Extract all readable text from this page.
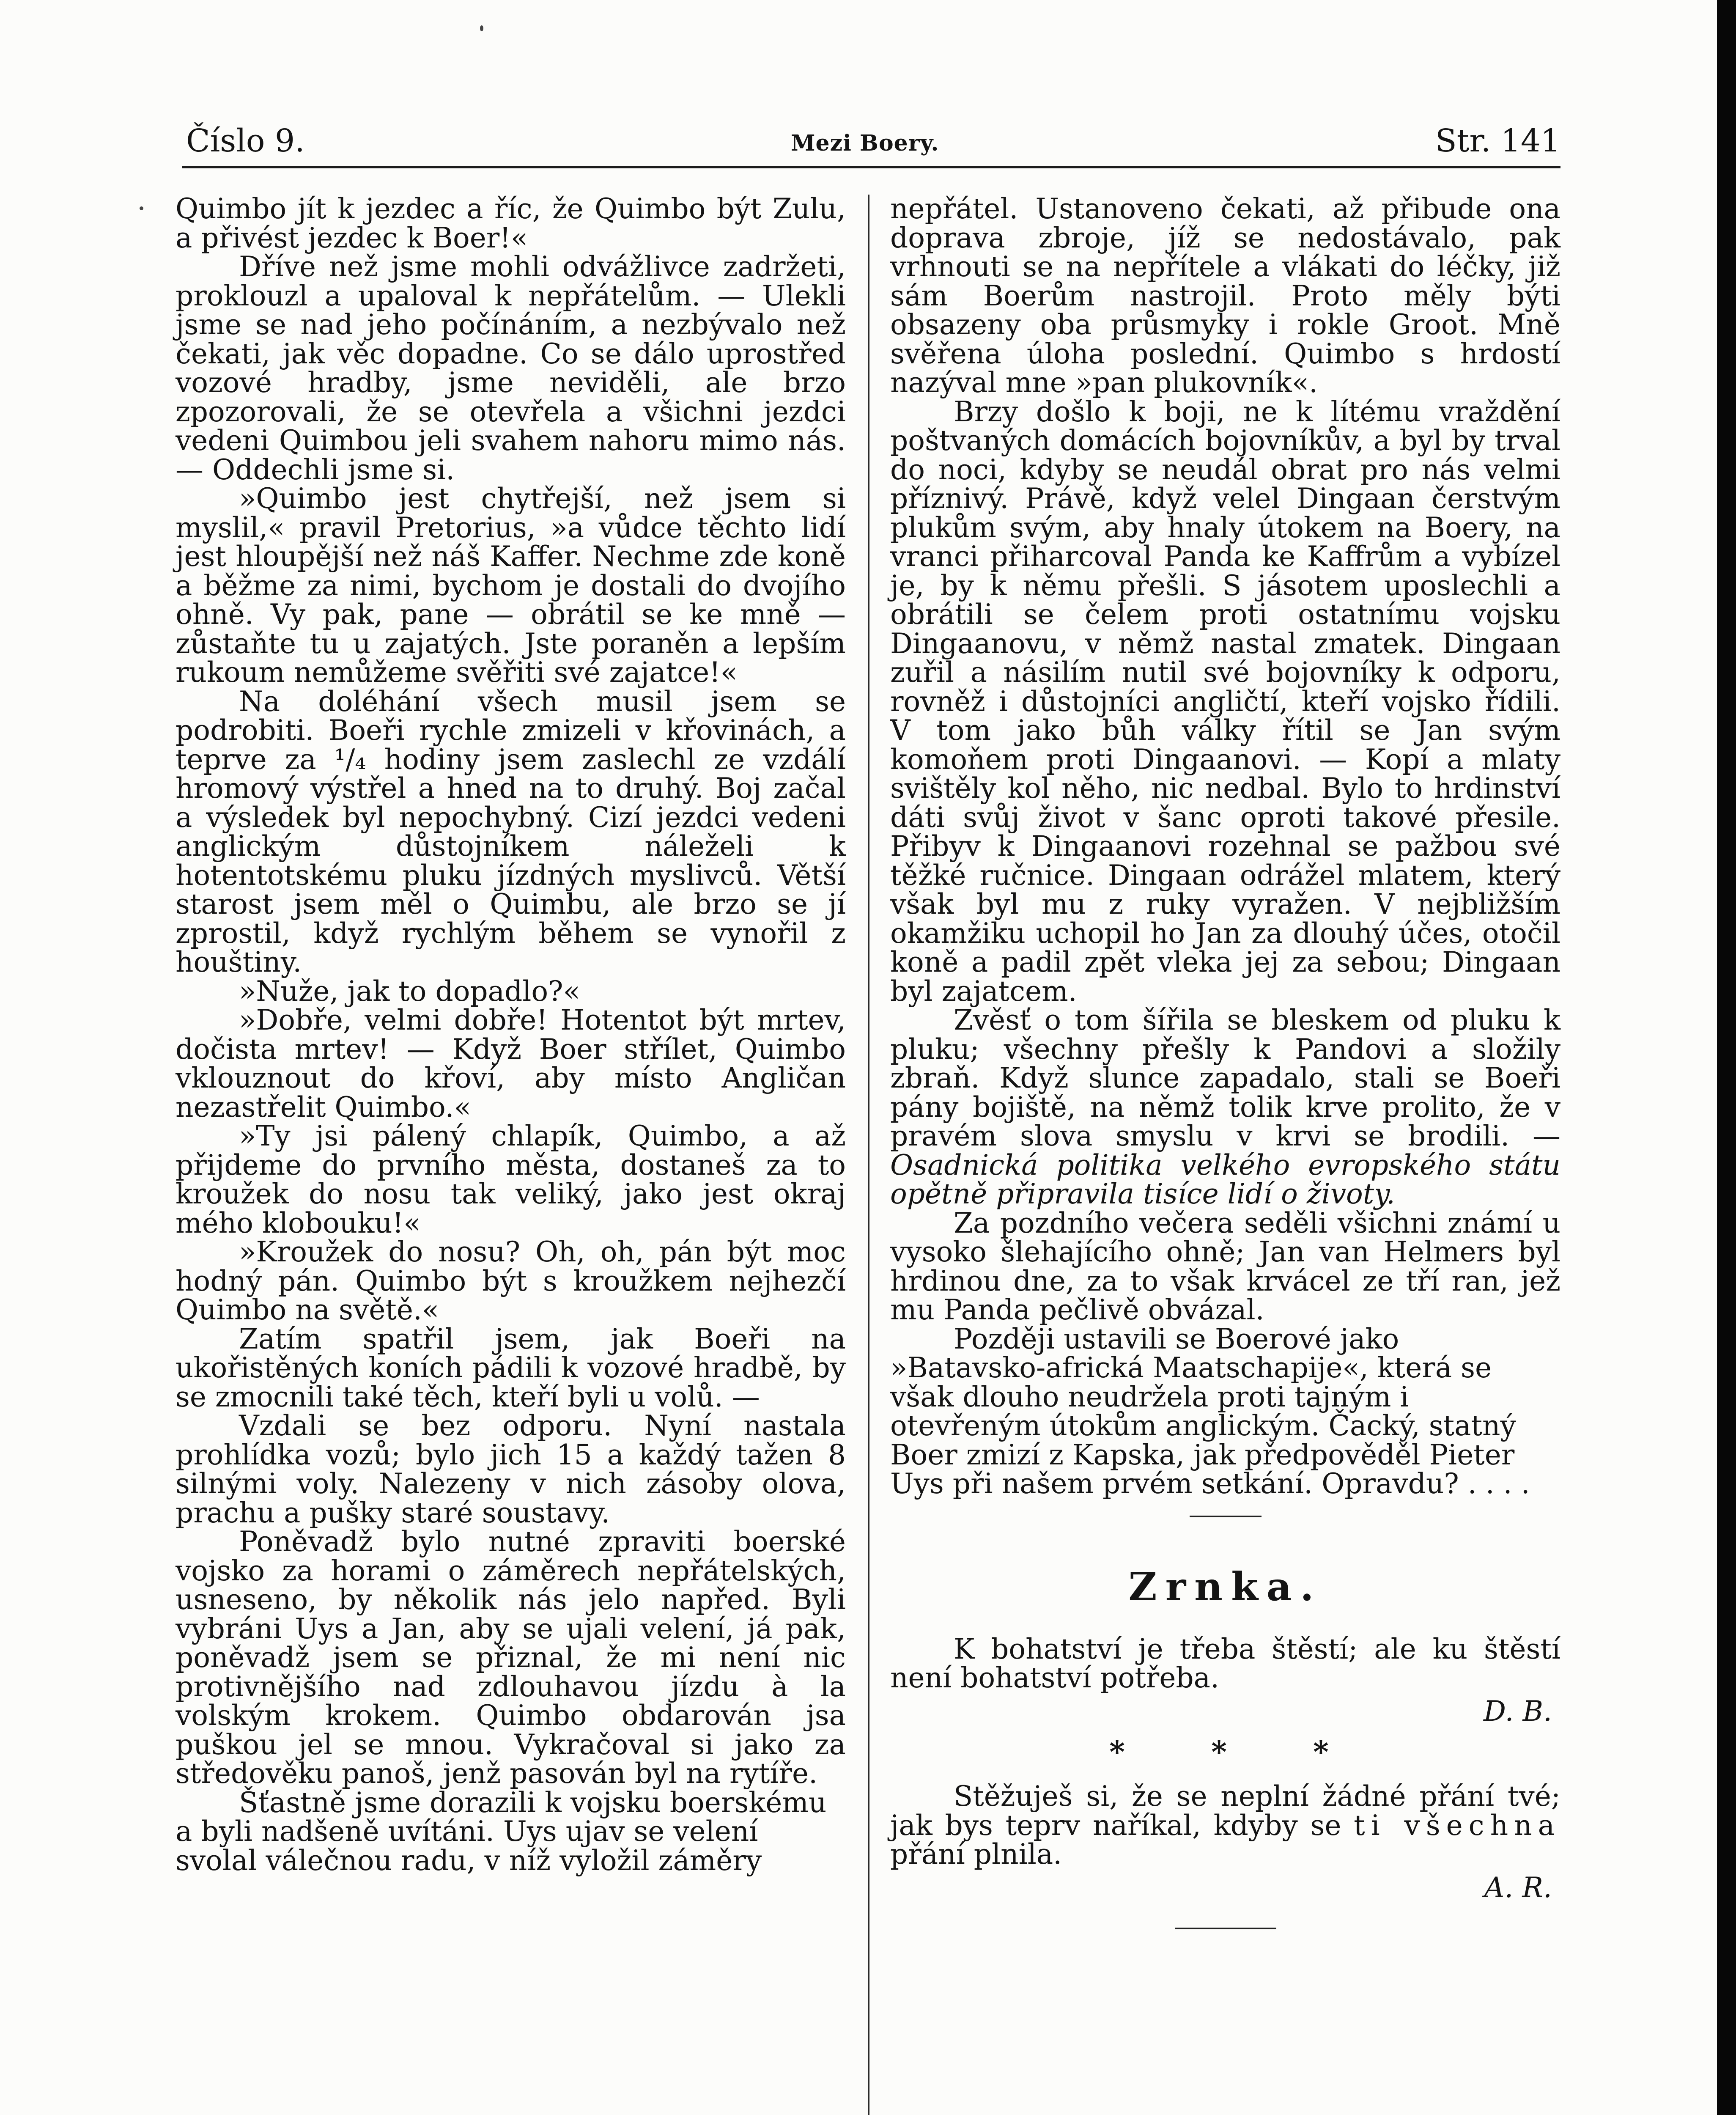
Číslo 9.	Mezi Boery.	Str. 141

Quimbo jít k jezdec a říc, že Quimbo být Zulu, a přivést jezdec k Boer!«

Dříve než jsme mohli odvážlivce zadržeti, proklouzl a upaloval k nepřátelům. — Ulekli jsme se nad jeho počínáním, a nezbývalo než čekati, jak věc dopadne. Co se dálo uprostřed vozové hradby, jsme neviděli, ale brzo zpozorovali, že se otevřela a všichni jezdci vedeni Quimbou jeli svahem nahoru mimo nás. — Oddechli jsme si.

»Quimbo jest chytřejší, než jsem si myslil,« pravil Pretorius, »a vůdce těchto lidí jest hloupější než náš Kaffer. Nechme zde koně a běžme za nimi, bychom je dostali do dvojího ohně. Vy pak, pane — obrátil se ke mně — zůstaňte tu u zajatých. Jste poraněn a lepším rukoum nemůžeme svěřiti své zajatce!«

Na doléhání všech musil jsem se podrobiti. Boeři rychle zmizeli v křovinách, a teprve za ¹/₄ hodiny jsem zaslechl ze vzdálí hromový výstřel a hned na to druhý. Boj začal a výsledek byl nepochybný. Cizí jezdci vedeni anglickým důstojníkem náleželi k hotentotskému pluku jízdných myslivců. Větší starost jsem měl o Quimbu, ale brzo se jí zprostil, když rychlým během se vynořil z houštiny.

»Nuže, jak to dopadlo?«

»Dobře, velmi dobře! Hotentot být mrtev, dočista mrtev! — Když Boer střílet, Quimbo vklouznout do křoví, aby místo Angličan nezastřelit Quimbo.«

»Ty jsi pálený chlapík, Quimbo, a až přijdeme do prvního města, dostaneš za to kroužek do nosu tak veliký, jako jest okraj mého klobouku!«

»Kroužek do nosu? Oh, oh, pán být moc hodný pán. Quimbo být s kroužkem nejhezčí Quimbo na světě.«

Zatím spatřil jsem, jak Boeři na ukořistěných koních pádili k vozové hradbě, by se zmocnili také těch, kteří byli u volů. —

Vzdali se bez odporu. Nyní nastala prohlídka vozů; bylo jich 15 a každý tažen 8 silnými voly. Nalezeny v nich zásoby olova, prachu a pušky staré soustavy.

Poněvadž bylo nutné zpraviti boerské vojsko za horami o záměrech nepřátelských, usneseno, by několik nás jelo napřed. Byli vybráni Uys a Jan, aby se ujali velení, já pak, poněvadž jsem se přiznal, že mi není nic protivnějšího nad zdlouhavou jízdu à la volským krokem. Quimbo obdarován jsa puškou jel se mnou. Vykračoval si jako za středověku panoš, jenž pasován byl na rytíře.

Šťastně jsme dorazili k vojsku boerskému a byli nadšeně uvítáni. Uys ujav se velení svolal válečnou radu, v níž vyložil záměry

nepřátel. Ustanoveno čekati, až přibude ona doprava zbroje, jíž se nedostávalo, pak vrhnouti se na nepřítele a vlákati do léčky, již sám Boerům nastrojil. Proto měly býti obsazeny oba průsmyky i rokle Groot. Mně svěřena úloha poslední. Quimbo s hrdostí nazýval mne »pan plukovník«.

Brzy došlo k boji, ne k lítému vraždění poštvaných domácích bojovníkův, a byl by trval do noci, kdyby se neudál obrat pro nás velmi příznivý. Právě, když velel Dingaan čerstvým plukům svým, aby hnaly útokem na Boery, na vranci přiharcoval Panda ke Kaffrům a vybízel je, by k němu přešli. S jásotem uposlechli a obrátili se čelem proti ostatnímu vojsku Dingaanovu, v němž nastal zmatek. Dingaan zuřil a násilím nutil své bojovníky k odporu, rovněž i důstojníci angličtí, kteří vojsko řídili. V tom jako bůh války řítil se Jan svým komoňem proti Dingaanovi. — Kopí a mlaty svištěly kol něho, nic nedbal. Bylo to hrdinství dáti svůj život v šanc oproti takové přesile. Přibyv k Dingaanovi rozehnal se pažbou své těžké ručnice. Dingaan odrážel mlatem, který však byl mu z ruky vyražen. V nejbližším okamžiku uchopil ho Jan za dlouhý účes, otočil koně a padil zpět vleka jej za sebou; Dingaan byl zajatcem.

Zvěsť o tom šířila se bleskem od pluku k pluku; všechny přešly k Pandovi a složily zbraň. Když slunce zapadalo, stali se Boeři pány bojiště, na němž tolik krve prolito, že v pravém slova smyslu v krvi se brodili. — Osadnická politika velkého evropského státu opětně připravila tisíce lidí o životy.

Za pozdního večera seděli všichni známí u vysoko šlehajícího ohně; Jan van Helmers byl hrdinou dne, za to však krvácel ze tří ran, jež mu Panda pečlivě obvázal.

Později ustavili se Boerové jako »Batavsko-africká Maatschapije«, která se však dlouho neudržela proti tajným i otevřeným útokům anglickým. Čacký, statný Boer zmizí z Kapska, jak předpověděl Pieter Uys při našem prvém setkání. Opravdu? . . . .

Zrnka.

K bohatství je třeba štěstí; ale ku štěstí není bohatství potřeba.

D. B.

* * *

Stěžuješ si, že se neplní žádné přání tvé; jak bys teprv naříkal, kdyby se ti všechna přání plnila.

A. R.
